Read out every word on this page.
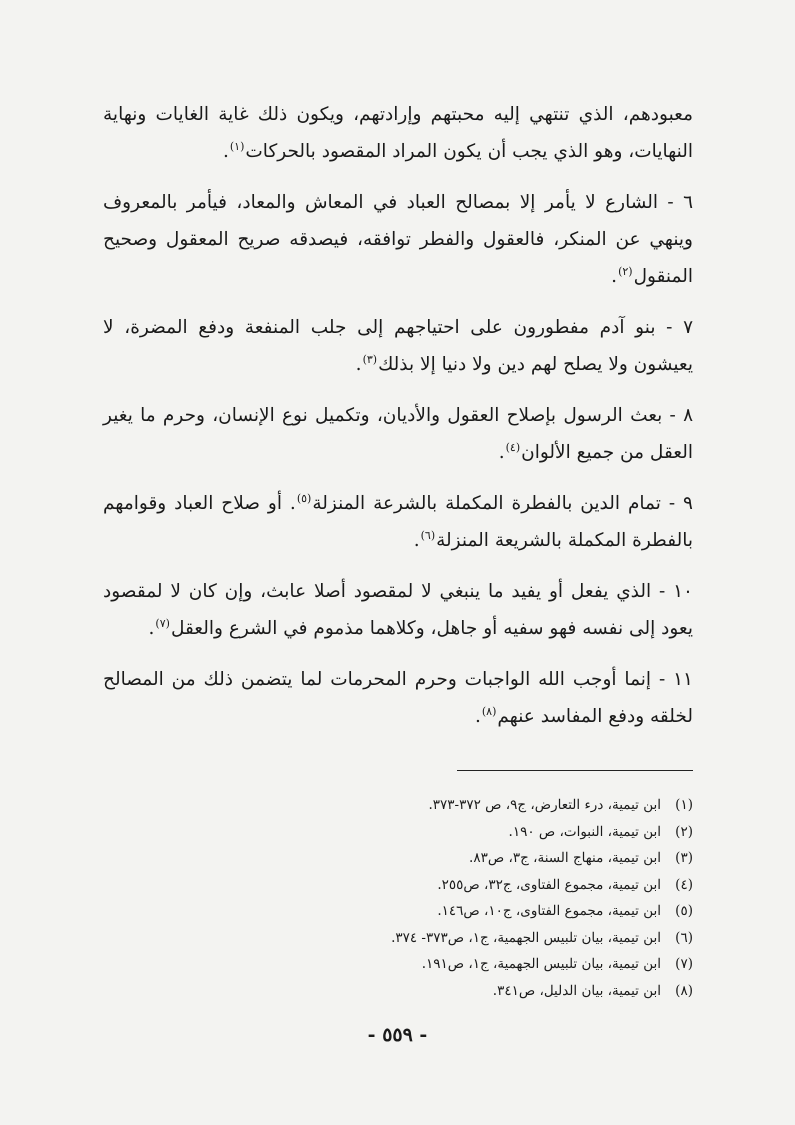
معبودهم، الذي تنتهي إليه محبتهم وإرادتهم، ويكون ذلك غاية الغايات ونهاية النهايات، وهو الذي يجب أن يكون المراد المقصود بالحركات$^{(١)}$.

٦ - الشارع لا يأمر إلا بمصالح العباد في المعاش والمعاد، فيأمر بالمعروف وينهي عن المنكر، فالعقول والفطر توافقه، فيصدقه صريح المعقول وصحيح المنقول$^{(٢)}$.

٧ - بنو آدم مفطورون على احتياجهم إلى جلب المنفعة ودفع المضرة، لا يعيشون ولا يصلح لهم دين ولا دنيا إلا بذلك$^{(٣)}$.

٨ - بعث الرسول بإصلاح العقول والأديان، وتكميل نوع الإنسان، وحرم ما يغير العقل من جميع الألوان$^{(٤)}$.

٩ - تمام الدين بالفطرة المكملة بالشرعة المنزلة$^{(٥)}$. أو صلاح العباد وقوامهم بالفطرة المكملة بالشريعة المنزلة$^{(٦)}$.

١٠ - الذي يفعل أو يفيد ما ينبغي لا لمقصود أصلا عابث، وإن كان لا لمقصود يعود إلى نفسه فهو سفيه أو جاهل، وكلاهما مذموم في الشرع والعقل$^{(٧)}$.

١١ - إنما أوجب الله الواجبات وحرم المحرمات لما يتضمن ذلك من المصالح لخلقه ودفع المفاسد عنهم$^{(٨)}$.

(١)ابن تيمية، درء التعارض، ج٩، ص ٣٧٢-٣٧٣.
(٢)ابن تيمية، النبوات، ص ١٩٠.
(٣)ابن تيمية، منهاج السنة، ج٣، ص٨٣.
(٤)ابن تيمية، مجموع الفتاوى، ج٣٢، ص٢٥٥.
(٥)ابن تيمية، مجموع الفتاوى، ج١٠، ص١٤٦.
(٦)ابن تيمية، بيان تلبيس الجهمية، ج١، ص٣٧٣- ٣٧٤.
(٧)ابن تيمية، بيان تلبيس الجهمية، ج١، ص١٩١.
(٨)ابن تيمية، بيان الدليل، ص٣٤١.
- ٥٥٩ -
